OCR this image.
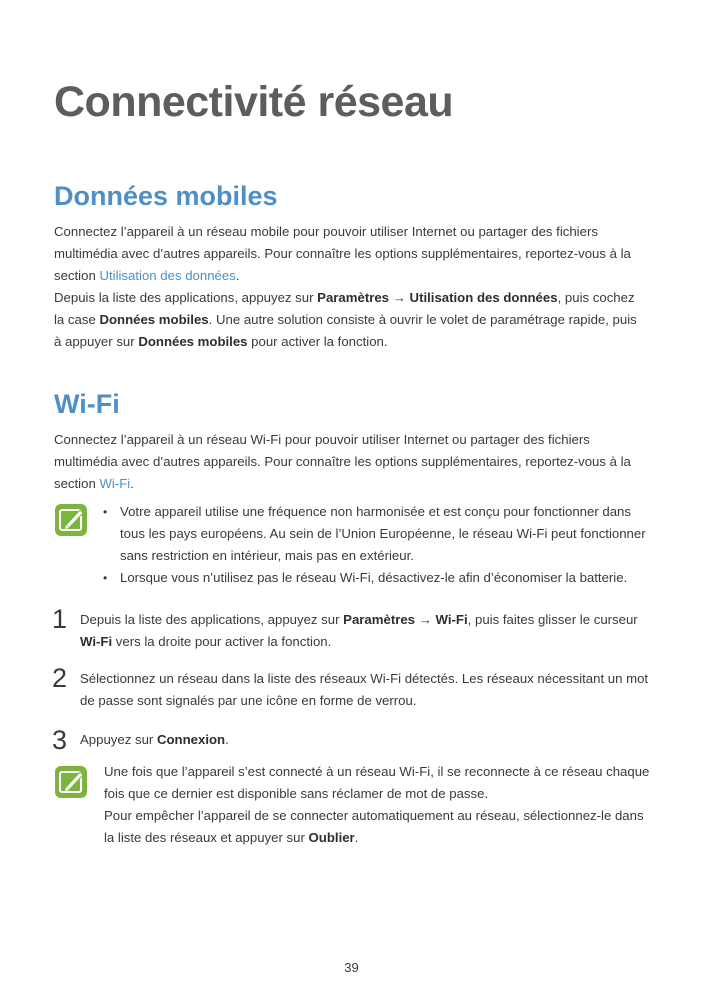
Connectivité réseau
Données mobiles

Connectez l’appareil à un réseau mobile pour pouvoir utiliser Internet ou partager des fichiers multimédia avec d’autres appareils. Pour connaître les options supplémentaires, reportez-vous à la section Utilisation des données.

Depuis la liste des applications, appuyez sur Paramètres → Utilisation des données, puis cochez la case Données mobiles. Une autre solution consiste à ouvrir le volet de paramétrage rapide, puis à appuyer sur Données mobiles pour activer la fonction.

Wi-Fi

Connectez l’appareil à un réseau Wi-Fi pour pouvoir utiliser Internet ou partager des fichiers multimédia avec d’autres appareils. Pour connaître les options supplémentaires, reportez-vous à la section Wi-Fi.

• Votre appareil utilise une fréquence non harmonisée et est conçu pour fonctionner dans tous les pays européens. Au sein de l’Union Européenne, le réseau Wi-Fi peut fonctionner sans restriction en intérieur, mais pas en extérieur.

• Lorsque vous n’utilisez pas le réseau Wi-Fi, désactivez-le afin d’économiser la batterie.

1 Depuis la liste des applications, appuyez sur Paramètres → Wi-Fi, puis faites glisser le curseur Wi-Fi vers la droite pour activer la fonction.

2 Sélectionnez un réseau dans la liste des réseaux Wi-Fi détectés. Les réseaux nécessitant un mot de passe sont signalés par une icône en forme de verrou.

3 Appuyez sur Connexion.

Une fois que l’appareil s’est connecté à un réseau Wi-Fi, il se reconnecte à ce réseau chaque fois que ce dernier est disponible sans réclamer de mot de passe.

Pour empêcher l’appareil de se connecter automatiquement au réseau, sélectionnez-le dans la liste des réseaux et appuyer sur Oublier.

39
